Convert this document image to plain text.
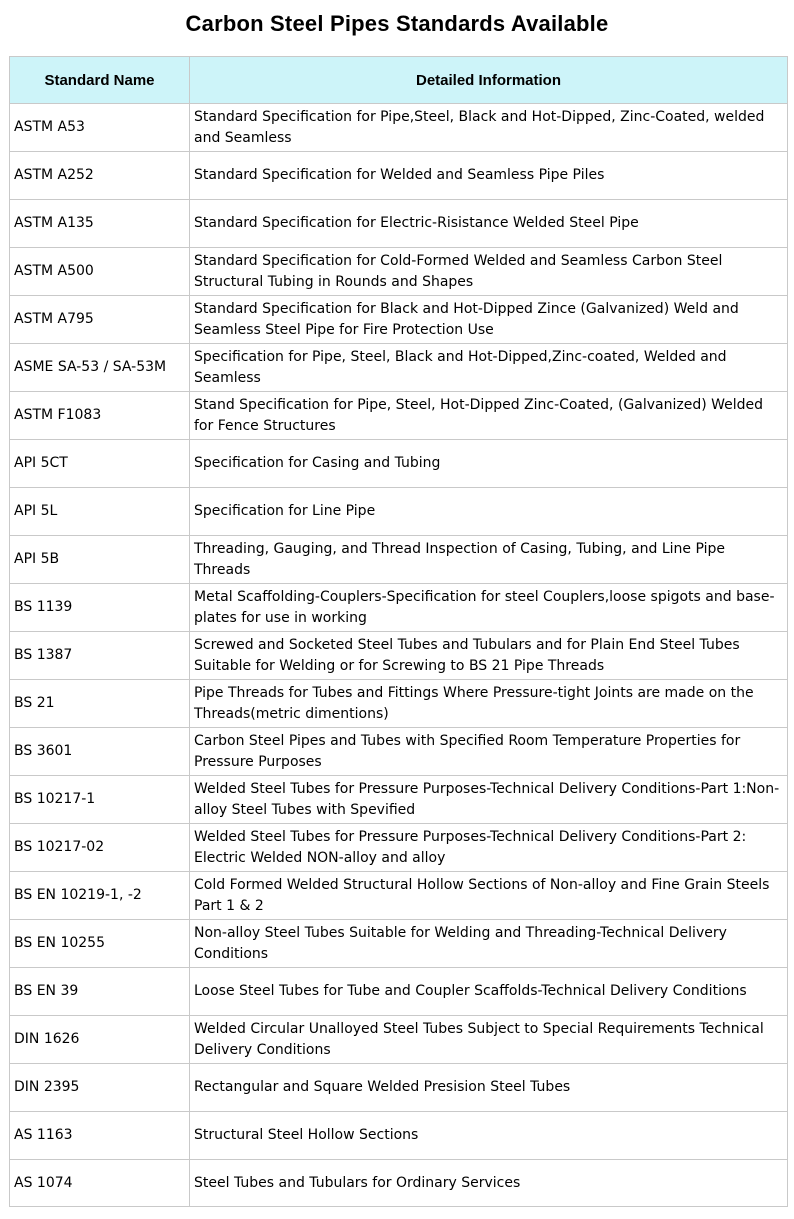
Carbon Steel Pipes Standards Available
Standard Name	Detailed Information
ASTM A53	Standard Specification for Pipe,Steel, Black and Hot-Dipped, Zinc-Coated, welded and Seamless
ASTM A252	Standard Specification for Welded and Seamless Pipe Piles
ASTM A135	Standard Specification for Electric-Risistance Welded Steel Pipe
ASTM A500	Standard Specification for Cold-Formed Welded and Seamless Carbon Steel Structural Tubing in Rounds and Shapes
ASTM A795	Standard Specification for Black and Hot-Dipped Zince (Galvanized) Weld and Seamless Steel Pipe for Fire Protection Use
ASME SA-53 / SA-53M	Specification for Pipe, Steel, Black and Hot-Dipped,Zinc-coated, Welded and Seamless
ASTM F1083	Stand Specification for Pipe, Steel, Hot-Dipped Zinc-Coated, (Galvanized) Welded for Fence Structures
API 5CT	Specification for Casing and Tubing
API 5L	Specification for Line Pipe
API 5B	Threading, Gauging, and Thread Inspection of Casing, Tubing, and Line Pipe Threads
BS 1139	Metal Scaffolding-Couplers-Specification for steel Couplers,loose spigots and base-plates for use in working
BS 1387	Screwed and Socketed Steel Tubes and Tubulars and for Plain End Steel Tubes Suitable for Welding or for Screwing to BS 21 Pipe Threads
BS 21	Pipe Threads for Tubes and Fittings Where Pressure-tight Joints are made on the Threads(metric dimentions)
BS 3601	Carbon Steel Pipes and Tubes with Specified Room Temperature Properties for Pressure Purposes
BS 10217-1	Welded Steel Tubes for Pressure Purposes-Technical Delivery Conditions-Part 1:Non-alloy Steel Tubes with Spevified
BS 10217-02	Welded Steel Tubes for Pressure Purposes-Technical Delivery Conditions-Part 2: Electric Welded NON-alloy and alloy
BS EN 10219-1, -2	Cold Formed Welded Structural Hollow Sections of Non-alloy and Fine Grain Steels Part 1 & 2
BS EN 10255	Non-alloy Steel Tubes Suitable for Welding and Threading-Technical Delivery Conditions
BS EN 39	Loose Steel Tubes for Tube and Coupler Scaffolds-Technical Delivery Conditions
DIN 1626	Welded Circular Unalloyed Steel Tubes Subject to Special Requirements Technical Delivery Conditions
DIN 2395	Rectangular and Square Welded Presision Steel Tubes
AS 1163	Structural Steel Hollow Sections
AS 1074	Steel Tubes and Tubulars for Ordinary Services
